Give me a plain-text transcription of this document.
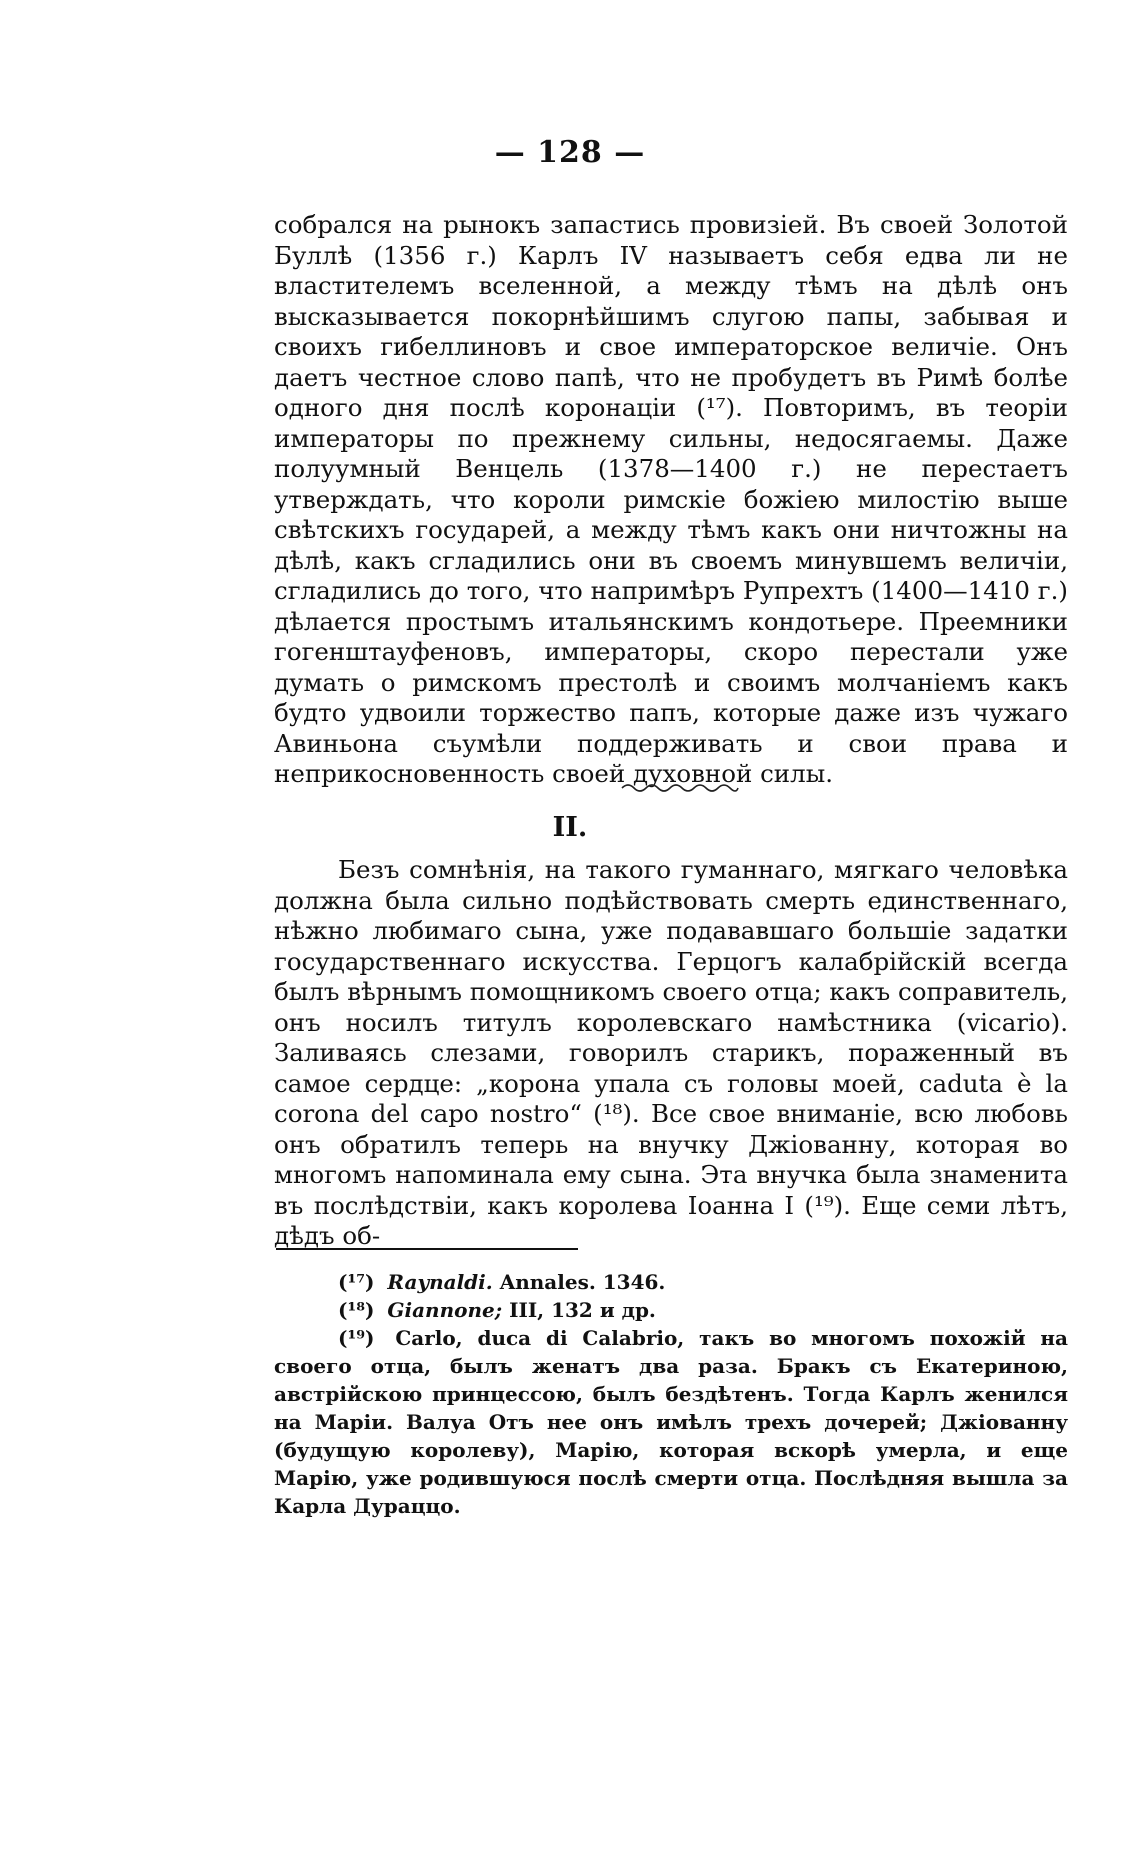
— 128 —

собрался на рынокъ запастись провизіей. Въ своей Золотой Буллѣ (1356 г.) Карлъ IV называетъ себя едва ли не властителемъ вселенной, а между тѣмъ на дѣлѣ онъ высказывается покорнѣйшимъ слугою папы, забывая и своихъ гибеллиновъ и свое императорское величіе. Онъ даетъ честное слово папѣ, что не пробудетъ въ Римѣ болѣе одного дня послѣ коронаціи (¹⁷). Повторимъ, въ теоріи императоры по прежнему сильны, недосягаемы. Даже полуумный Венцель (1378—1400 г.) не перестаетъ утверждать, что короли римскіе божіею милостію выше свѣтскихъ государей, а между тѣмъ какъ они ничтожны на дѣлѣ, какъ сгладились они въ своемъ минувшемъ величіи, сгладились до того, что напримѣръ Рупрехтъ (1400—1410 г.) дѣлается простымъ итальянскимъ кондотьере. Преемники гогенштауфеновъ, императоры, скоро перестали уже думать о римскомъ престолѣ и своимъ молчаніемъ какъ будто удвоили торжество папъ, которые даже изъ чужаго Авиньона съумѣли поддерживать и свои права и неприкосновенность своей духовной силы.

II.

Безъ сомнѣнія, на такого гуманнаго, мягкаго человѣка должна была сильно подѣйствовать смерть единственнаго, нѣжно любимаго сына, уже подававшаго большіе задатки государственнаго искусства. Герцогъ калабрійскій всегда былъ вѣрнымъ помощникомъ своего отца; какъ соправитель, онъ носилъ титулъ королевскаго намѣстника (vicario). Заливаясь слезами, говорилъ старикъ, пораженный въ самое сердце: „корона упала съ головы моей, caduta è la corona del capo nostro“ (¹⁸). Все свое вниманіе, всю любовь онъ обратилъ теперь на внучку Джіованну, которая во многомъ напоминала ему сына. Эта внучка была знаменита въ послѣдствіи, какъ королева Іоанна I (¹⁹). Еще семи лѣтъ, дѣдъ об-

(¹⁷) Raynaldi. Annales. 1346.
(¹⁸) Giannone; III, 132 и др.
(¹⁹) Carlo, duca di Calabrio, такъ во многомъ похожій на своего отца, былъ женатъ два раза. Бракъ съ Екатериною, австрійскою принцессою, былъ бездѣтенъ. Тогда Карлъ женился на Маріи. Валуа Отъ нее онъ имѣлъ трехъ дочерей; Джіованну (будущую королеву), Марію, которая вскорѣ умерла, и еще Марію, уже родившуюся послѣ смерти отца. Послѣдняя вышла за Карла Дураццо.
